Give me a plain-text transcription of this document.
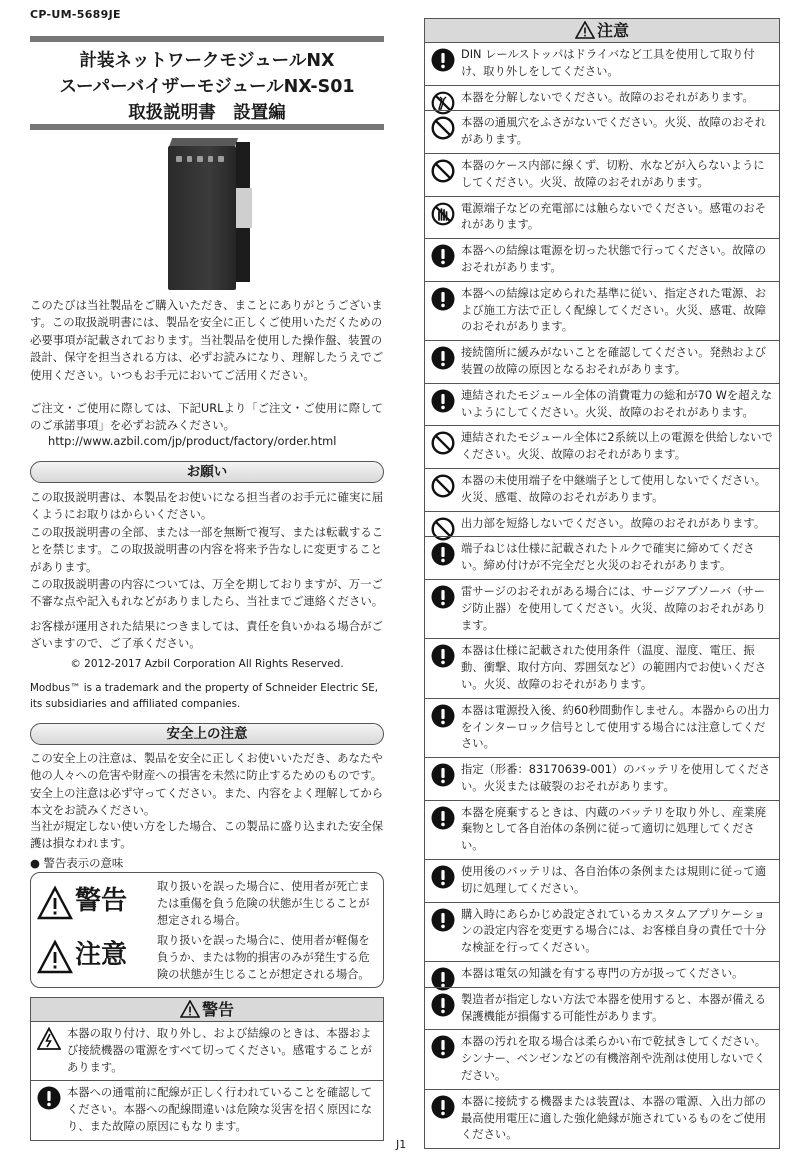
CP-UM-5689JE
計装ネットワークモジュールNX
スーパーバイザーモジュールNX-S01
取扱説明書　設置編
このたびは当社製品をご購入いただき、まことにありがとうございます。この取扱説明書には、製品を安全に正しくご使用いただくための必要事項が記載されております。当社製品を使用した操作盤、装置の設計、保守を担当される方は、必ずお読みになり、理解したうえでご使用ください。いつもお手元においてご活用ください。
ご注文・ご使用に際しては、下記URLより「ご注文・ご使用に際してのご承諾事項」を必ずお読みください。
http://www.azbil.com/jp/product/factory/order.html
お願い
この取扱説明書は、本製品をお使いになる担当者のお手元に確実に届くようにお取りはからいください。
この取扱説明書の全部、または一部を無断で複写、または転載することを禁じます。この取扱説明書の内容を将来予告なしに変更することがあります。
この取扱説明書の内容については、万全を期しておりますが、万一ご不審な点や記入もれなどがありましたら、当社までご連絡ください。
お客様が運用された結果につきましては、責任を負いかねる場合がございますので、ご了承ください。
© 2012-2017 Azbil Corporation All Rights Reserved.
Modbus™ is a trademark and the property of Schneider Electric SE, its subsidiaries and affiliated companies.
安全上の注意
この安全上の注意は、製品を安全に正しくお使いいただき、あなたや他の人々への危害や財産への損害を未然に防止するためのものです。安全上の注意は必ず守ってください。また、内容をよく理解してから本文をお読みください。
当社が規定しない使い方をした場合、この製品に盛り込まれた安全保護は損なわれます。
● 警告表示の意味
警告	取り扱いを誤った場合に、使用者が死亡または重傷を負う危険の状態が生じることが想定される場合。
注意	取り扱いを誤った場合に、使用者が軽傷を負うか、または物的損害のみが発生する危険の状態が生じることが想定される場合。
警告
本器の取り付け、取り外し、および結線のときは、本器および接続機器の電源をすべて切ってください。感電することがあります。
本器への通電前に配線が正しく行われていることを確認してください。本器への配線間違いは危険な災害を招く原因になり、また故障の原因にもなります。
注意
DIN レールストッパはドライバなど工具を使用して取り付け、取り外しをしてください。
本器を分解しないでください。故障のおそれがあります。
本器の通風穴をふさがないでください。火災、故障のおそれがあります。
本器のケース内部に線くず、切粉、水などが入らないようにしてください。火災、故障のおそれがあります。
電源端子などの充電部には触らないでください。感電のおそれがあります。
本器への結線は電源を切った状態で行ってください。故障のおそれがあります。
本器への結線は定められた基準に従い、指定された電源、および施工方法で正しく配線してください。火災、感電、故障のおそれがあります。
接続箇所に緩みがないことを確認してください。発熱および装置の故障の原因となるおそれがあります。
連結されたモジュール全体の消費電力の総和が70 Wを超えないようにしてください。火災、故障のおそれがあります。
連結されたモジュール全体に2系統以上の電源を供給しないでください。火災、故障のおそれがあります。
本器の未使用端子を中継端子として使用しないでください。火災、感電、故障のおそれがあります。
出力部を短絡しないでください。故障のおそれがあります。
端子ねじは仕様に記載されたトルクで確実に締めてください。締め付けが不完全だと火災のおそれがあります。
雷サージのおそれがある場合には、サージアブソーバ（サージ防止器）を使用してください。火災、故障のおそれがあります。
本器は仕様に記載された使用条件（温度、湿度、電圧、振動、衝撃、取付方向、雰囲気など）の範囲内でお使いください。火災、故障のおそれがあります。
本器は電源投入後、約60秒間動作しません。本器からの出力をインターロック信号として使用する場合には注意してください。
指定（形番：83170639-001）のバッテリを使用してください。火災または破裂のおそれがあります。
本器を廃棄するときは、内蔵のバッテリを取り外し、産業廃棄物として各自治体の条例に従って適切に処理してください。
使用後のバッテリは、各自治体の条例または規則に従って適切に処理してください。
購入時にあらかじめ設定されているカスタムアプリケーションの設定内容を変更する場合には、お客様自身の責任で十分な検証を行ってください。
本器は電気の知識を有する専門の方が扱ってください。
製造者が指定しない方法で本器を使用すると、本器が備える保護機能が損傷する可能性があります。
本器の汚れを取る場合は柔らかい布で乾拭きしてください。シンナー、ベンゼンなどの有機溶剤や洗剤は使用しないでください。
本器に接続する機器または装置は、本器の電源、入出力部の最高使用電圧に適した強化絶縁が施されているものをご使用ください。
J1
